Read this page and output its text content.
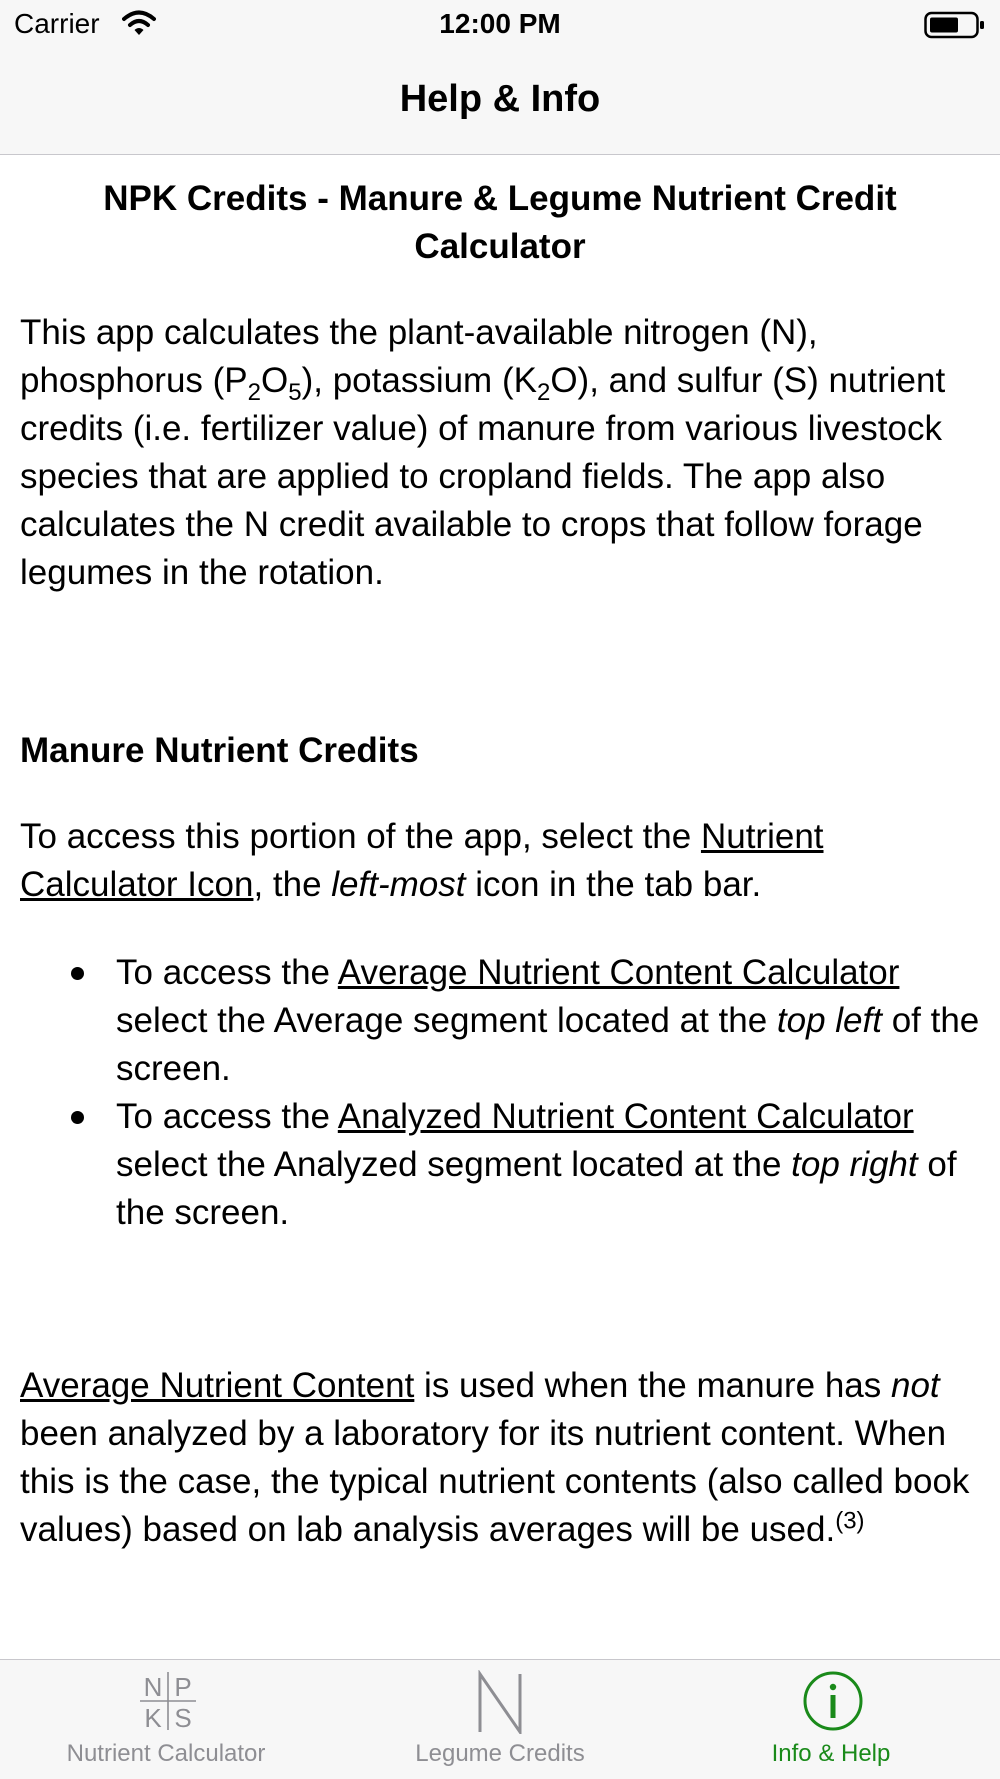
Carrier	12:00 PM
Help & Info
NPK Credits - Manure & Legume Nutrient Credit Calculator

This app calculates the plant-available nitrogen (N), phosphorus $(P_2O_5)$, potassium $(K_2O)$, and sulfur (S) nutrient credits (i.e. fertilizer value) of manure from various livestock species that are applied to cropland fields. The app also calculates the N credit available to crops that follow forage legumes in the rotation.

Manure Nutrient Credits

To access this portion of the app, select the Nutrient Calculator Icon, the left-most icon in the tab bar.

To access the Average Nutrient Content Calculator select the Average segment located at the top left of the screen.
To access the Analyzed Nutrient Content Calculator select the Analyzed segment located at the top right of the screen.

Average Nutrient Content is used when the manure has not been analyzed by a laboratory for its nutrient content. When this is the case, the typical nutrient contents (also called book values) based on lab analysis averages will be used.$^{(3)}$

N P
K S
Nutrient Calculator	Legume Credits	Info & Help
